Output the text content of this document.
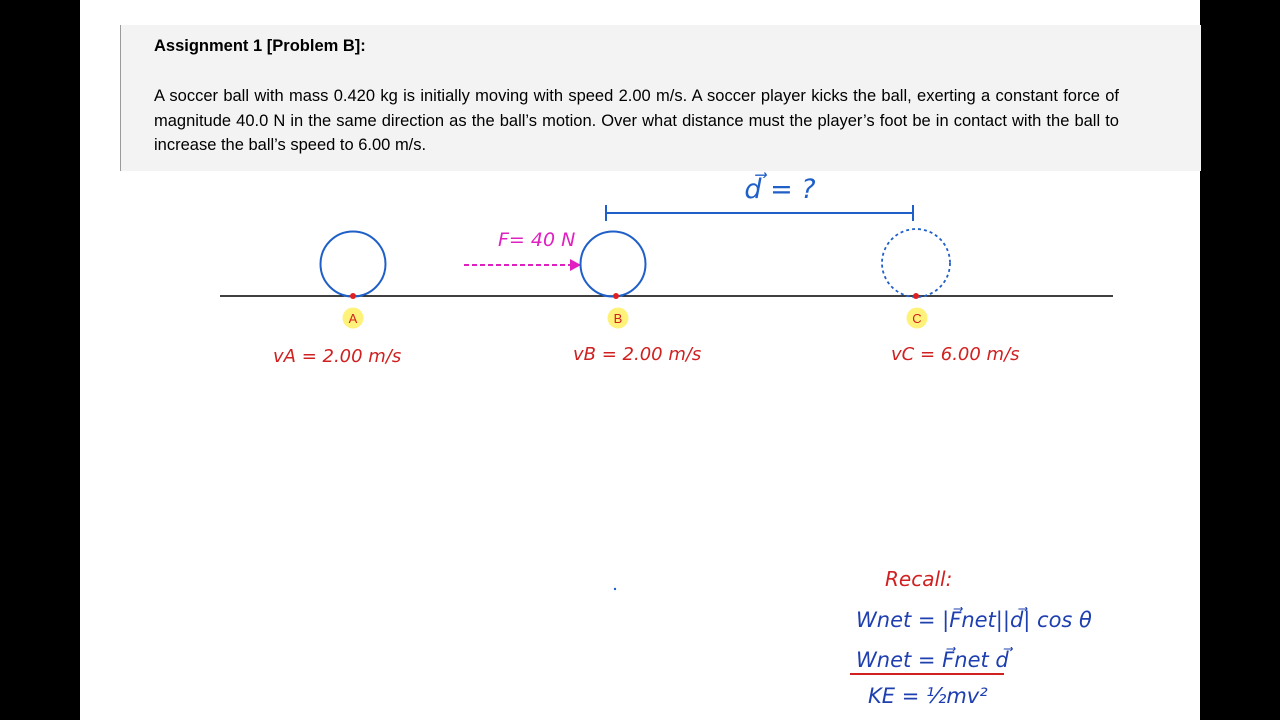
Assignment 1 [Problem B]:
A soccer ball with mass 0.420 kg is initially moving with speed 2.00 m/s. A soccer player kicks the ball, exerting a constant force of magnitude 40.0 N in the same direction as the ball’s motion. Over what distance must the player’s foot be in contact with the ball to increase the ball’s speed to 6.00 m/s.
d⃗ = ?
F= 40 N
A	B	C
vA = 2.00 m/s	vB = 2.00 m/s	vC = 6.00 m/s
Recall:
Wnet = |F⃗net||d⃗| cos θ
Wnet = F⃗net d⃗
KE = ½mv²
